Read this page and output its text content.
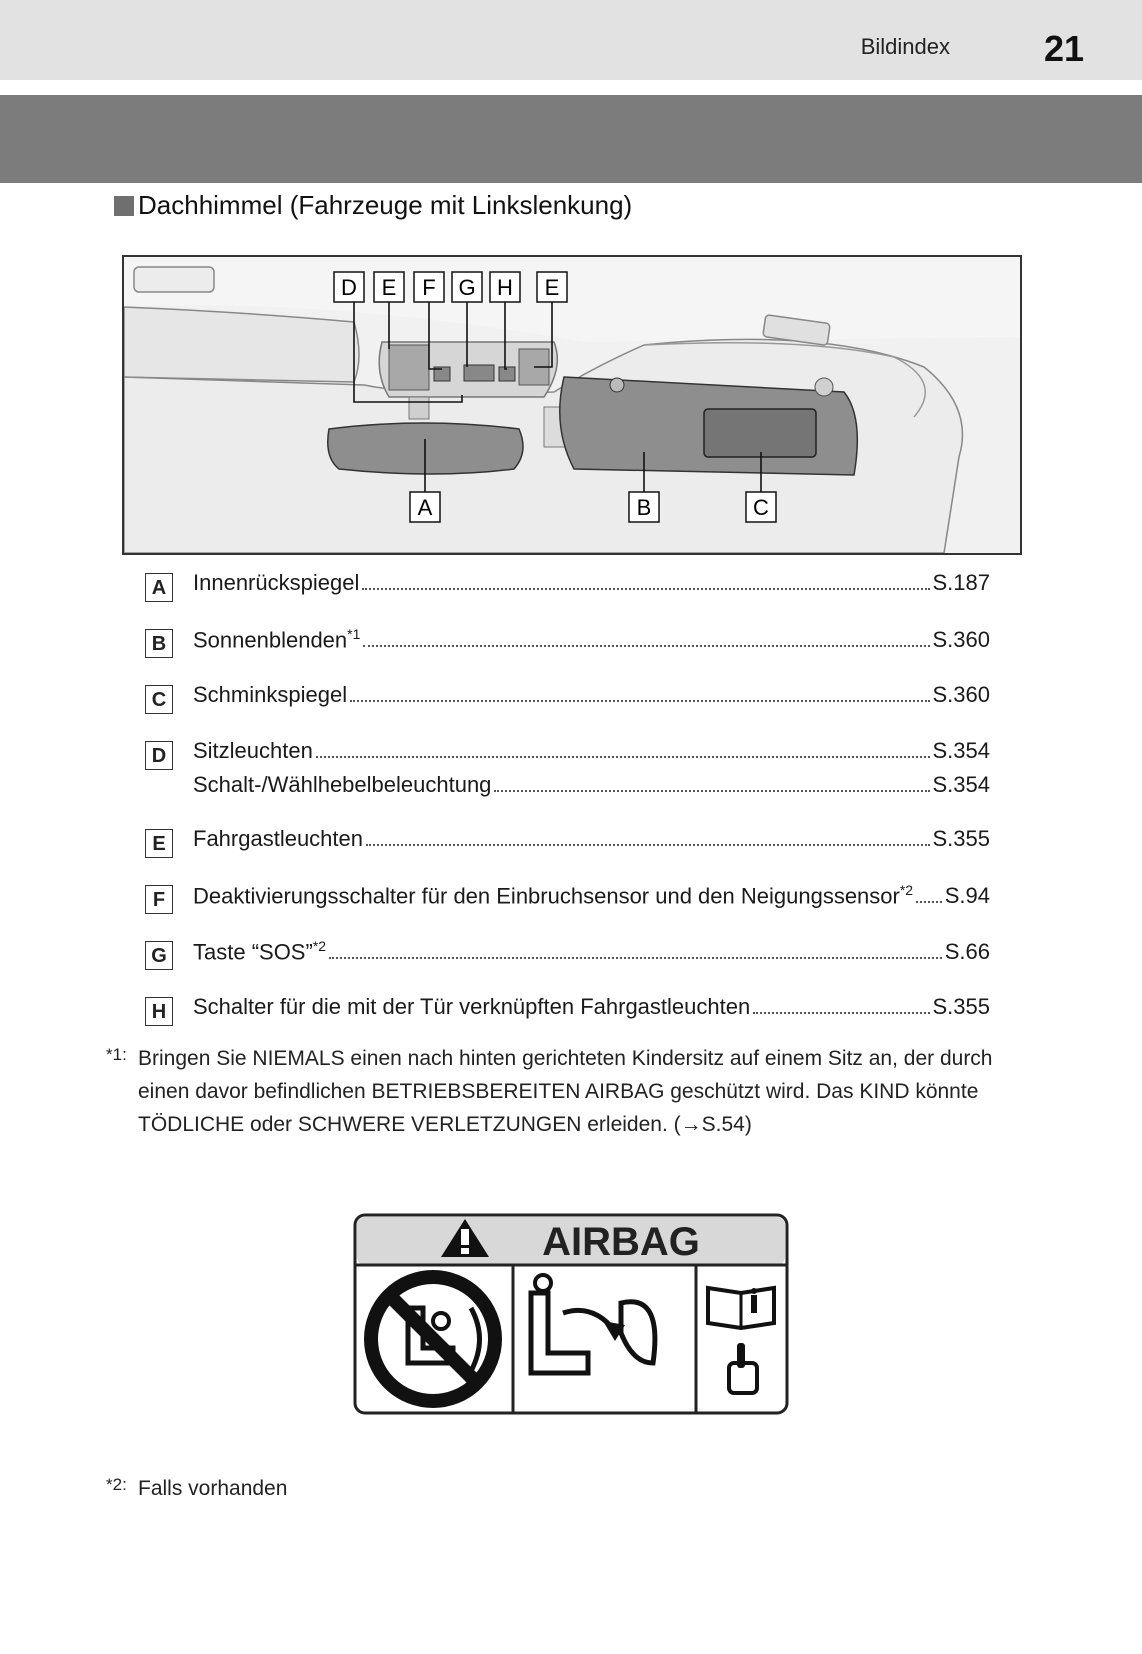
Bildindex	21
Dachhimmel (Fahrzeuge mit Linkslenkung)
D E F G H E
A	B	C
A	Innenrückspiegel	S.187
B	Sonnenblenden$^{*1}$	S.360
C	Schminkspiegel	S.360
D	Sitzleuchten	S.354
Schalt-/Wählhebelbeleuchtung	S.354
E	Fahrgastleuchten	S.355
F	Deaktivierungsschalter für den Einbruchsensor und den Neigungssensor$^{*2}$ S.94
G Taste “SOS”$^{*2}$	S.66
H	Schalter für die mit der Tür verknüpften Fahrgastleuchten	S.355
*1: Bringen Sie NIEMALS einen nach hinten gerichteten Kindersitz auf einem Sitz an, der durch
einen davor befindlichen BETRIEBSBEREITEN AIRBAG geschützt wird. Das KIND könnte
TÖDLICHE oder SCHWERE VERLETZUNGEN erleiden. (→S.54)
AIRBAG
*2: Falls vorhanden
